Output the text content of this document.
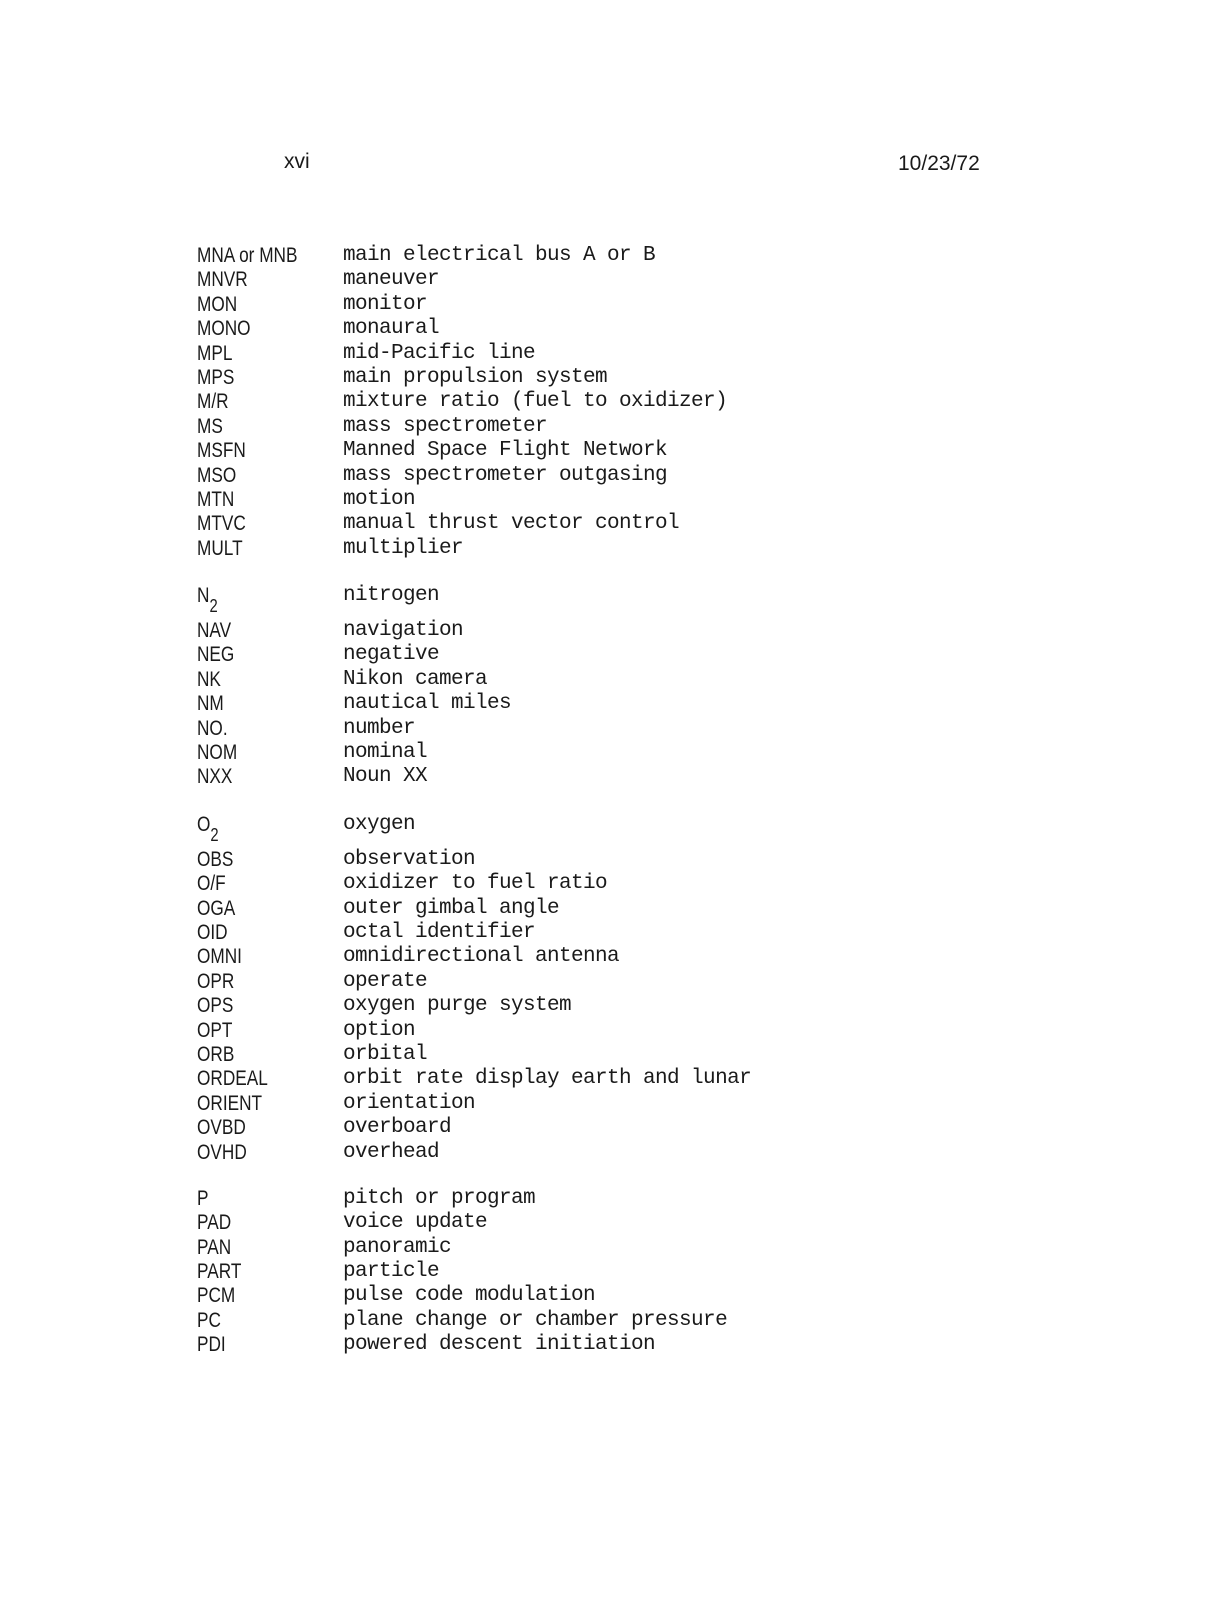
xvi	10/23/72
MNA or MNB	main electrical bus A or B
MNVR	maneuver
MON	monitor
MONO	monaural
MPL	mid-Pacific line
MPS	main propulsion system
M/R	mixture ratio (fuel to oxidizer)
MS	mass spectrometer
MSFN	Manned Space Flight Network
MSO	mass spectrometer outgasing
MTN	motion
MTVC	manual thrust vector control
MULT	multiplier
$N_2$	nitrogen
NAV	navigation
NEG	negative
NK	Nikon camera
NM	nautical miles
NO.	number
NOM	nominal
NXX	Noun XX
$O_2$	oxygen
OBS	observation
O/F	oxidizer to fuel ratio
OGA	outer gimbal angle
OID	octal identifier
OMNI	omnidirectional antenna
OPR	operate
OPS	oxygen purge system
OPT	option
ORB	orbital
ORDEAL	orbit rate display earth and lunar
ORIENT	orientation
OVBD	overboard
OVHD	overhead
P	pitch or program
PAD	voice update
PAN	panoramic
PART	particle
PCM	pulse code modulation
PC	plane change or chamber pressure
PDI	powered descent initiation
